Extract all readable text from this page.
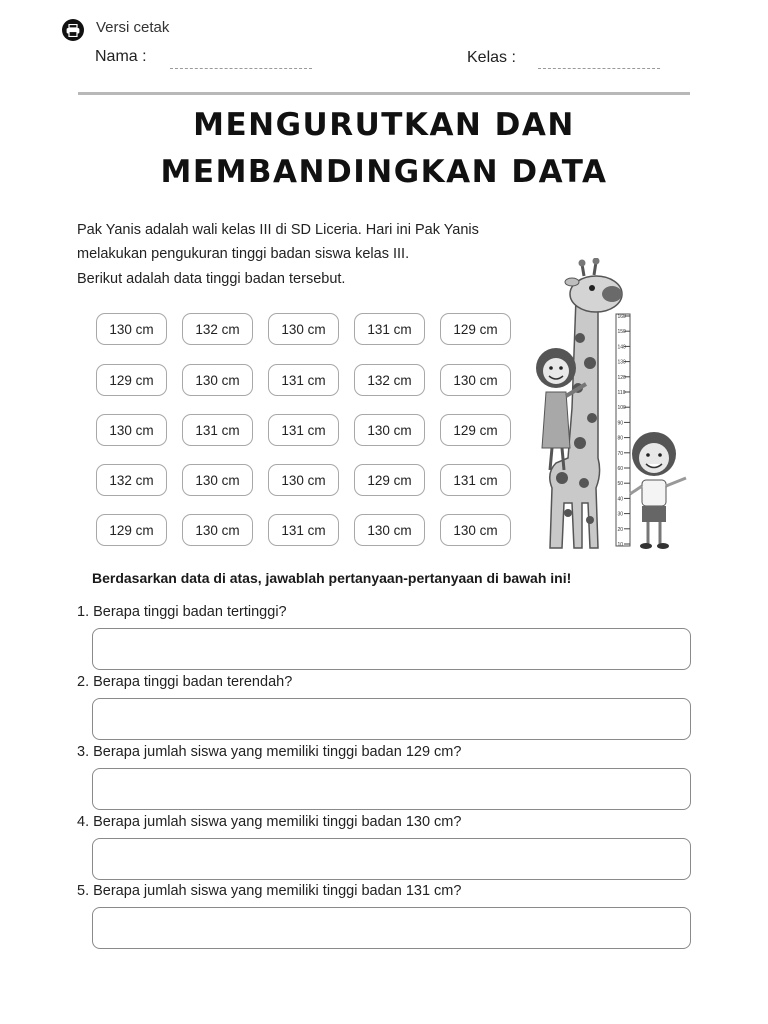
Versi cetak
Nama :	Kelas :
MENGURUTKAN DAN
MEMBANDINGKAN DATA
Pak Yanis adalah wali kelas III di SD Liceria. Hari ini Pak Yanis
melakukan pengukuran tinggi badan siswa kelas III.
Berikut adalah data tinggi badan tersebut.
130 cm	132 cm	130 cm	131 cm	129 cm
129 cm	130 cm	131 cm	132 cm	130 cm
130 cm	131 cm	131 cm	130 cm	129 cm
132 cm	130 cm	130 cm	129 cm	131 cm
129 cm	130 cm	131 cm	130 cm	130 cm
160
150
140
130
120
110
100
90
80
70
60
50
40
30
20
10
Berdasarkan data di atas, jawablah pertanyaan-pertanyaan di bawah ini!
1. Berapa tinggi badan tertinggi?
2. Berapa tinggi badan terendah?
3. Berapa jumlah siswa yang memiliki tinggi badan 129 cm?
4. Berapa jumlah siswa yang memiliki tinggi badan 130 cm?
5. Berapa jumlah siswa yang memiliki tinggi badan 131 cm?
